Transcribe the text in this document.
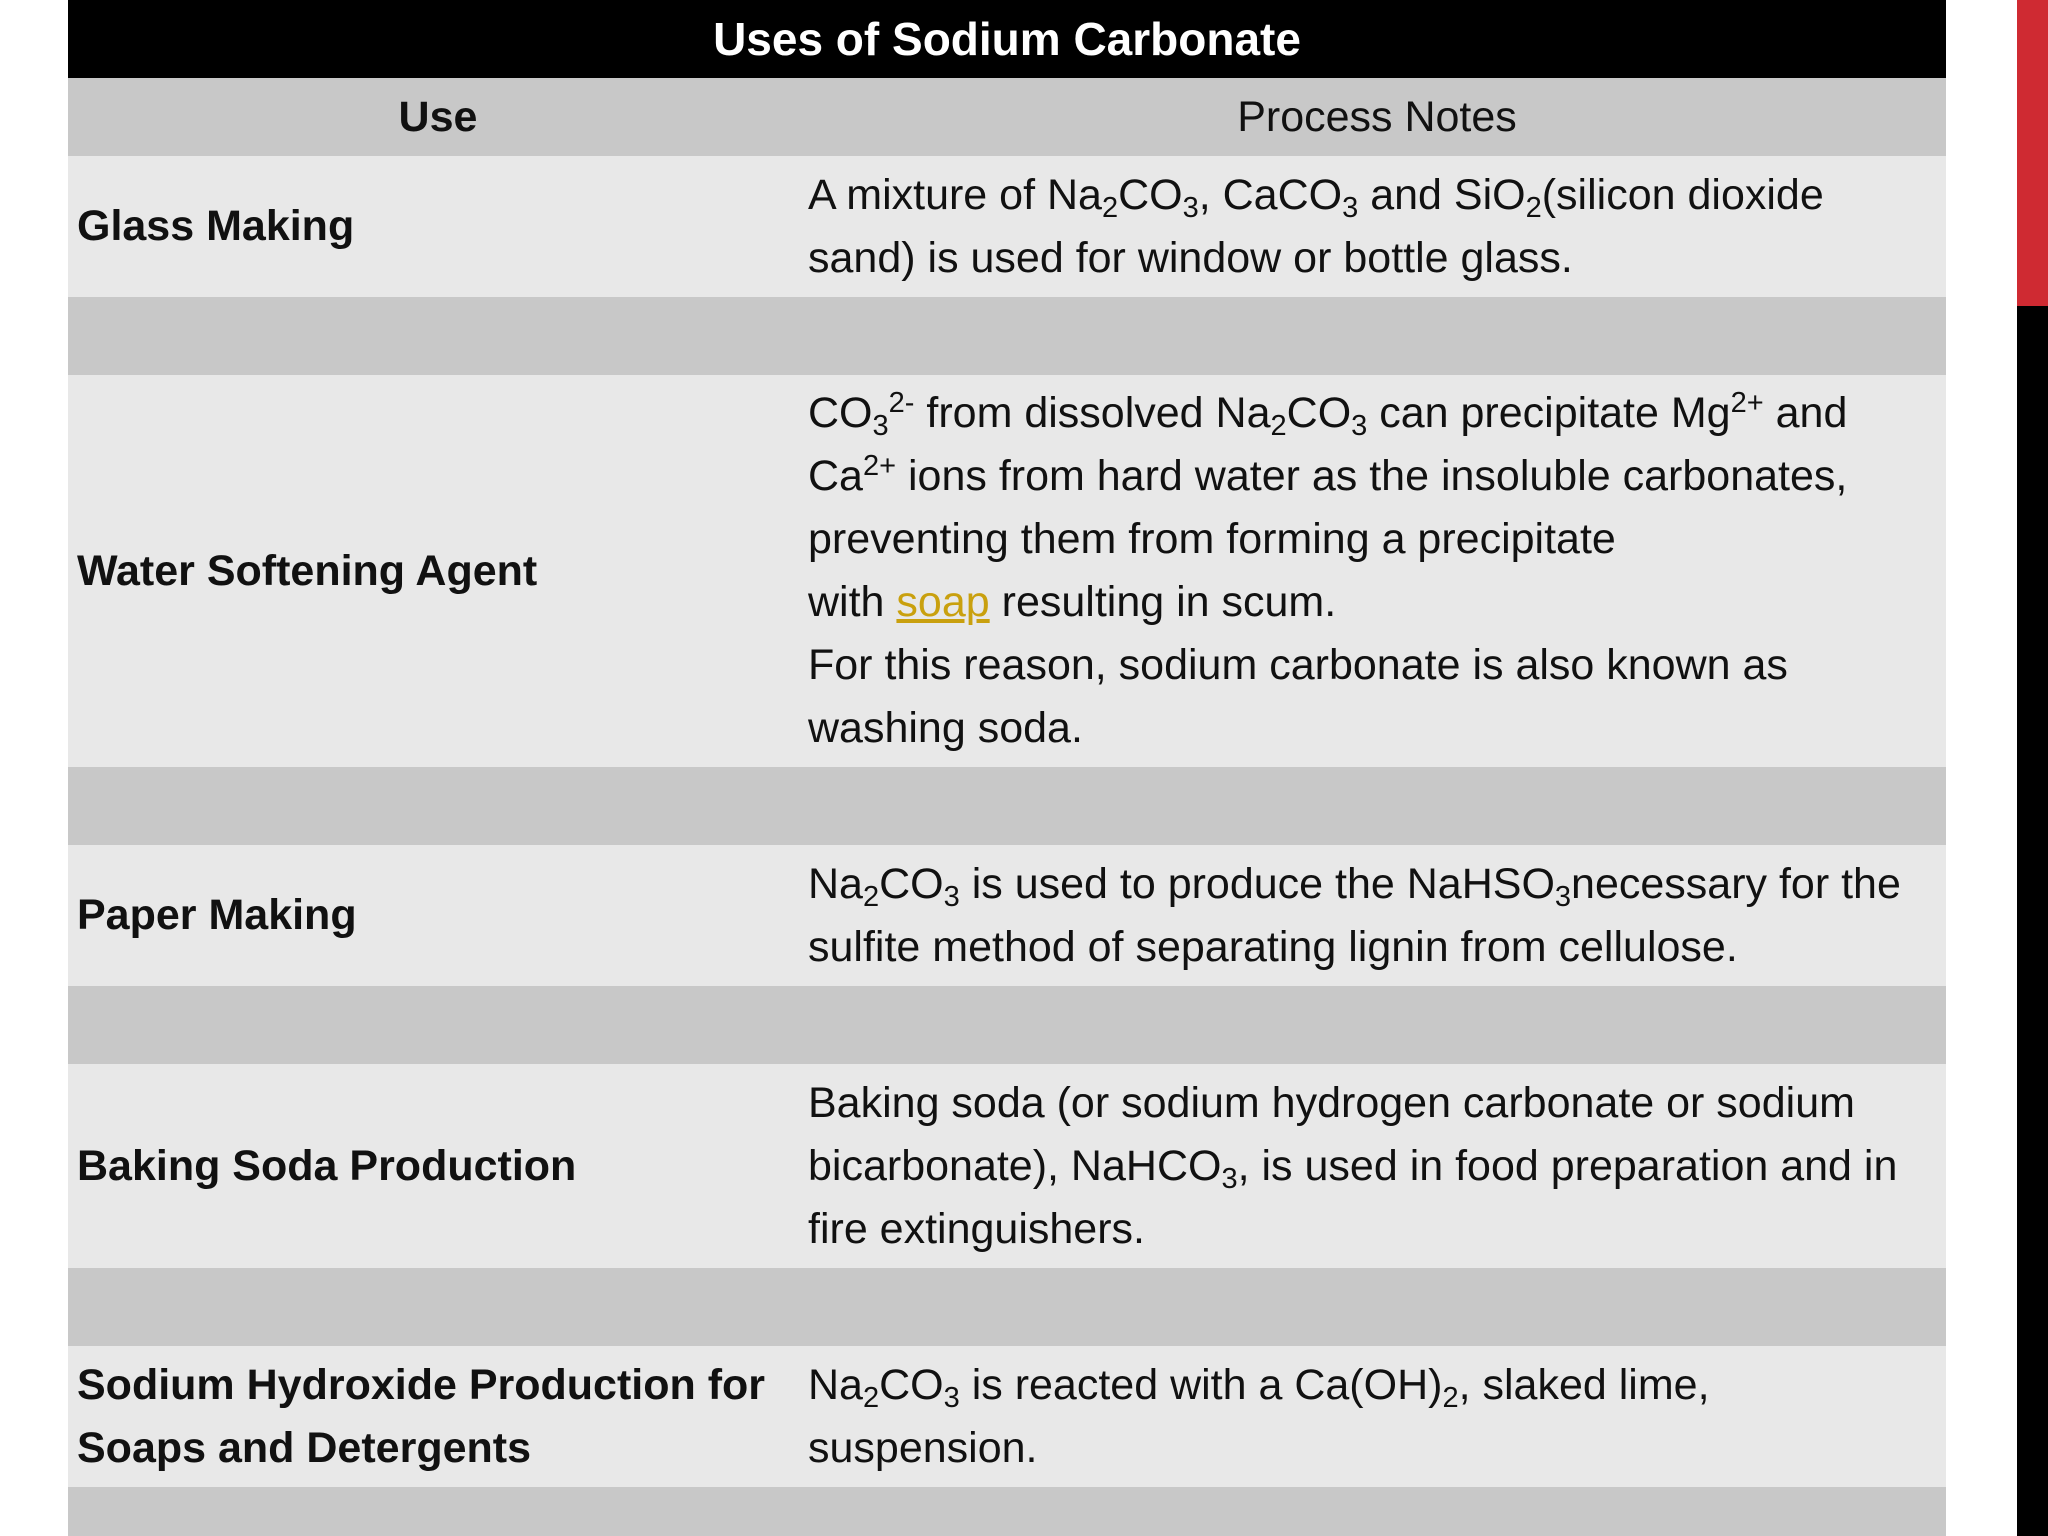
Uses of Sodium Carbonate
Use	Process Notes
Glass Making
A mixture of $Na_2CO_3$, CaCO$_3$ and SiO$_2$(silicon dioxide sand) is used for window or bottle glass.
Water Softening Agent
$CO_3^{2-}$ from dissolved $Na_2CO_3$ can precipitate $Mg^{2+}$ and $Ca^{2+}$ ions from hard water as the insoluble carbonates, preventing them from forming a precipitate
with soap resulting in scum.
For this reason, sodium carbonate is also known as washing soda.
Paper Making
$Na_2CO_3$ is used to produce the NaHSO$_3$necessary for the sulfite method of separating lignin from cellulose.
Baking Soda Production
Baking soda (or sodium hydrogen carbonate or sodium bicarbonate), NaHCO$_3$, is used in food preparation and in fire extinguishers.
Sodium Hydroxide Production for Soaps and Detergents
$Na_2CO_3$ is reacted with a $Ca(OH)_2$, slaked lime, suspension.
